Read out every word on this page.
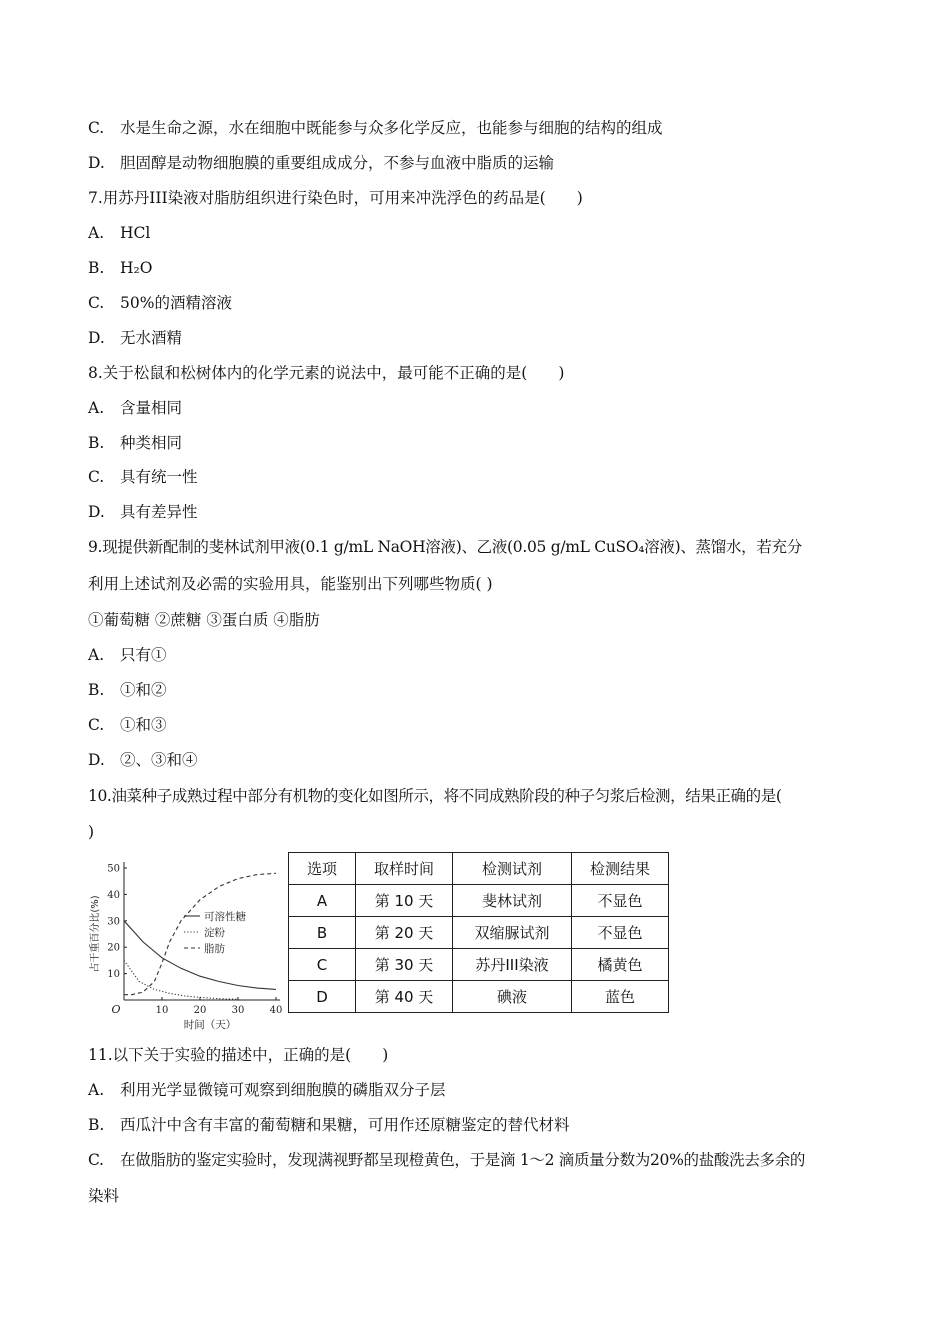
C. 水是生命之源，水在细胞中既能参与众多化学反应，也能参与细胞的结构的组成
D. 胆固醇是动物细胞膜的重要组成成分，不参与血液中脂质的运输
7.用苏丹III染液对脂肪组织进行染色时，可用来冲洗浮色的药品是(　　)
A. HCl
B. H₂O
C. 50%的酒精溶液
D. 无水酒精
8.关于松鼠和松树体内的化学元素的说法中，最可能不正确的是(　　)
A. 含量相同
B. 种类相同
C. 具有统一性
D. 具有差异性
9.现提供新配制的斐林试剂甲液(0.1 g/mL NaOH溶液)、乙液(0.05 g/mL CuSO₄溶液)、蒸馏水，若充分
利用上述试剂及必需的实验用具，能鉴别出下列哪些物质( )
①葡萄糖 ②蔗糖 ③蛋白质 ④脂肪
A. 只有①
B. ①和②
C. ①和③
D. ②、③和④
10.油菜种子成熟过程中部分有机物的变化如图所示，将不同成熟阶段的种子匀浆后检测，结果正确的是(
)
10
20
30
40
50
10	20	30	40
O
时间（天）
占干重百分比(%)	可溶性糖
淀粉
脂肪
选项	取样时间	检测试剂	检测结果
A	第 10 天	斐林试剂	不显色
B	第 20 天	双缩脲试剂	不显色
C	第 30 天	苏丹III染液	橘黄色
D	第 40 天	碘液	蓝色
11.以下关于实验的描述中，正确的是(　　)
A. 利用光学显微镜可观察到细胞膜的磷脂双分子层
B. 西瓜汁中含有丰富的葡萄糖和果糖，可用作还原糖鉴定的替代材料
C. 在做脂肪的鉴定实验时，发现满视野都呈现橙黄色，于是滴 1～2 滴质量分数为20%的盐酸洗去多余的
染料
